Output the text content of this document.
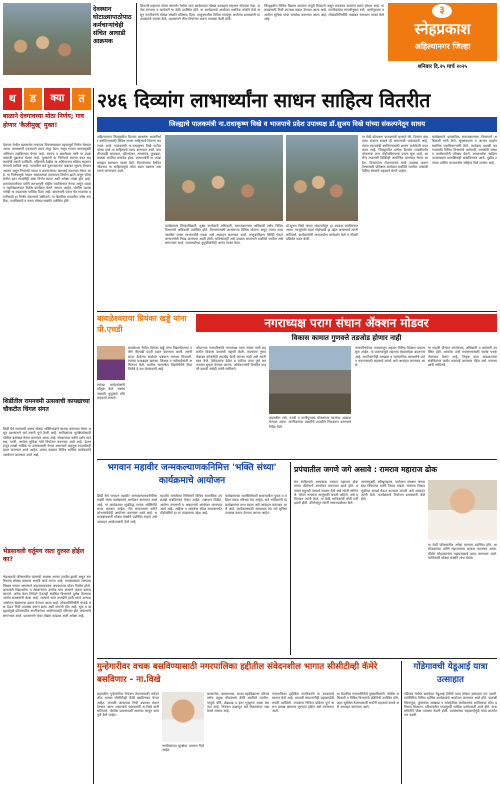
देवस्थान घोटाळ्यापाठोपाठ कर्मचाऱ्यांचेही संचित आघाडी आक्रमक
शिवाजी महाराज यांच्या संगमनेर येथील भव्य कार्यक्रमात मोठ्या उत्साहात सहभाग नोंदवला गेला. अनेक मान्यवर व कार्यकर्ते या वेळी उपस्थित होते. या कार्यक्रमाचे आयोजन स्थानिक संस्थेने केले असून नागरिकांनी मोठ्या संख्येने प्रतिसाद दिला. तालुक्यातील विविध गावांतून आलेल्या ग्रामस्थांनी या उपक्रमाचे स्वागत केले. प्रशासनाने योग्य नियोजन करून व्यवस्था केली होती.
जिल्ह्यातील विविध विकास कामांना मंजुरी मिळाली असून लवकरच कामांना प्रारंभ होणार आहे. या कामांसाठी निधी उपलब्ध करून देण्यात आला आहे. नागरिकांच्या मागणीनुसार रस्ते, पाणीपुरवठा व आरोग्य सुविधा यांचा समावेश करण्यात आला आहे. लोकप्रतिनिधींनी याबाबत समाधान व्यक्त केले आहे.
३
स्नेहप्रकाश
अहिल्यानगर जिल्हा
शनिवार दि.२५ मार्च २०२५
थ	ड	क्या	त
बाळाने देवगावच्या मोठा निर्णय; गाव होणार 'कैलीमुख्' मुक्त!
देवगाव येथील ग्रामसभेत गावाच्या विकासाबाबत महत्त्वपूर्ण निर्णय घेण्यात आला. ग्रामस्थांनी एकमताने ठराव मंजूर केला असून गावात व्यसनमुक्ती अभियान राबविण्यात येणार आहे. सरपंच व ग्रामसेवक यांनी या उपक्रमासाठी पुढाकार घेतला आहे. युवकांनी या निर्णयाचे स्वागत करत सहकार्याची तयारी दर्शविली. महिलांनी देखील या अभियानात सक्रिय सहभाग घेण्याचे ठरविले आहे. गावातील सर्व दुकानदारांना याबाबत सूचना देण्यात आल्या असून नियमांचे पालन न करणाऱ्यांवर कारवाई करण्यात येणार आहे. या निर्णयामुळे गावात सकारात्मक वातावरण निर्माण झाले असून परिसरातील इतर गावांनीही असा निर्णय घ्यावा अशी अपेक्षा व्यक्त होत आहे. ग्रामपंचायतीच्या वतीने जनजागृती मोहीम राबविण्यात येणार असून शाळा व महाविद्यालयांत विशेष कार्यक्रम घेतले जाणार आहेत. पोलीस प्रशासनानेही या उपक्रमास पाठिंबा दिला आहे. ग्रामस्थांनी एकत्र येत गावाच्या प्रगतीसाठी हा निर्णय घेतल्याचे सांगितले. या बैठकीस गावातील ज्येष्ठ नागरिक, पदाधिकारी व तरुण मोठ्या संख्येने उपस्थित होते.
शिर्डीतील रामनवमी उत्सवाची कायद्याच्या चौकटीत चिंगल संगत
शिर्डी येथे रामनवमी उत्सव मोठ्या भक्तिभावाने साजरा करण्यात येणार असून प्रशासनाने सर्व तयारी पूर्ण केली आहे. भाविकांच्या सुरक्षिततेसाठी पोलीस बंदोबस्त तैनात करण्यात आला आहे. संस्थानच्या वतीने दर्शन व्यवस्था, पाणी, आरोग्य सुविधा यांचे नियोजन करण्यात आले आहे. देशभरातून लाखो भाविक या उत्सवासाठी येणार असल्याने वाहतूक व्यवस्थेतही बदल करण्यात आले आहेत. उत्सव काळात विविध धार्मिक कार्यक्रमांचे आयोजन करण्यात आले आहे.
भेडसावली धर्तूमय रस्ता दुरुस्त होईल का?
भेडसावली परिसरातील रस्त्याची अवस्था अत्यंत दयनीय झाली असून नागरिकांना मोठ्या त्रासाला सामोरे जावे लागत आहे. पावसाळ्यात रस्त्यावर चिखल साचत असल्याने वाहनचालकांना अपघाताचा धोका निर्माण होतो. शाळकरी विद्यार्थ्यांना व शेतकऱ्यांना दररोज याच रस्त्याने प्रवास करावा लागतो. अनेक वेळा निवेदने देऊनही संबंधित विभागाने दुर्लक्ष केल्याचा आरोप ग्रामस्थांनी केला आहे. रस्त्याचे काम तातडीने हाती घ्यावे अन्यथा आंदोलन छेडण्याचा इशारा देण्यात आला आहे. लोकप्रतिनिधींनी याकडे लक्ष देऊन निधी उपलब्ध करून द्यावा अशी मागणी होत आहे. धूळ व खड्ड्यांमुळे परिसरातील नागरिकांच्या आरोग्यावरही परिणाम होत असल्याचे सांगण्यात आले. प्रशासनाने यावर तोडगा काढावा अशी अपेक्षा आहे.
२४६ दिव्यांग लाभार्थ्यांना साधन साहित्य वितरीत
जिल्ह्याचे पालकमंत्री ना.राधाकृष्ण विखे व भाजपाचे प्रदेश उपाध्यक्ष डॉ.सुजय विखे यांच्या संकल्पनेतून साधय
अहिल्यानगर जिल्ह्यातील दिव्यांग बांधवांना आत्मनिर्भर बनविण्यासाठी विविध साधन साहित्याचे वितरण करण्यात आले. पालकमंत्री ना.राधाकृष्ण विखे पाटील यांच्या हस्ते या साहित्याचे वाटप करण्यात आले. यात तीनचाकी सायकल, व्हीलचेअर, श्रवणयंत्र, कुबड्या, काठ्या आदींचा समावेश होता. लाभार्थ्यांनी या उपक्रमाबद्दल समाधान व्यक्त केले. दिव्यांगांच्या दैनंदिन जीवनात या साहित्यामुळे मोठा बदल घडणार असल्याचे सांगण्यात आले.
कार्यक्रमास जिल्हाधिकारी, मुख्य कार्यकारी अधिकारी, समाजकल्याण अधिकारी तसेच विविध विभागांचे अधिकारी उपस्थित होते. दिव्यांगांसाठी शासनाच्या विविध योजना असून त्याचा लाभ जास्तीत जास्त लाभार्थ्यांनी घ्यावा असे आवाहन करण्यात आले. तालुकानिहाय शिबिरे घेऊन लाभार्थ्यांची निवड करण्यात आली होती. भविष्यातही असे उपक्रम सातत्याने राबविले जातील असे सांगण्यात आले. लाभार्थ्यांच्या कुटुंबीयांनीही आनंद व्यक्त केला.
डॉ.सुजय विखे यांच्या संकल्पनेतून हा उपक्रम राबविण्यात आला. गरजूंपर्यंत मदत पोहोचावी हा उद्देश असल्याचे त्यांनी सांगितले. कार्यकर्त्यांनी लाभार्थ्यांना मार्गदर्शन केले व नोंदणी प्रक्रियेत मदत केली.
या वेळी बोलताना पालकमंत्री म्हणाले की, दिव्यांग बांधवांचा सन्मान राखणे ही समाजाची जबाबदारी आहे. त्यांना स्वावलंबी बनविण्यासाठी शासन सर्वतोपरी मदत करत आहे. जिल्ह्यातील प्रत्येक दिव्यांग व्यक्तीपर्यंत योजनांचा लाभ पोहोचविण्याचा प्रयत्न सुरू आहे. आरोग्य तपासणी शिबिरेही आयोजित करण्यात येणार आहेत. दिव्यांगांना रोजगाराच्या संधी उपलब्ध करून देण्यासाठी प्रशिक्षण कार्यक्रम राबविले जातील. यासाठी विविध संस्थांचे सहकार्य घेतले जाईल.
कार्यक्रमाचे प्रास्ताविक समाजकल्याण विभागाचे अधिकारी यांनी केले. सूत्रसंचालन व आभार प्रदर्शन स्थानिक पदाधिकाऱ्यांनी केले. कार्यक्रम यशस्वी करण्यासाठी विविध विभागांचे कर्मचारी, स्वयंसेवी संस्था व कार्यकर्त्यांनी परिश्रम घेतले. लाभार्थ्यांना साहित्य वापराबाबत प्रात्यक्षिकही दाखविण्यात आले. पुढील टप्प्यात उर्वरित लाभार्थ्यांना साहित्य दिले जाणार आहे.
बावळेश्वराचा प्रियंका खड्डे यांना पी.एचडी
बावळेश्वर येथील प्रियंका खड्डे यांना विद्यापीठाच्या वतीने पीएचडी पदवी प्रदान करण्यात आली. त्यांनी सादर केलेल्या संशोधन प्रबंधास मान्यता मिळाली. त्यांच्या यशाबद्दल ग्रामस्थ, शिक्षक व नातेवाईकांनी अभिनंदन केले. ग्रामीण भागातील विद्यार्थिनीने मिळविलेले हे यश प्रेरणादायी आहे.
त्यांच्या मार्गदर्शकांनी कौतुक केले. संशोधनासाठी कुटुंबाचे मोठे सहकार्य लाभले.
नगराध्यक्ष पराग संधान ॲक्शन मोडवर
विकास कामात गुणवत्ते तडजोड होणार नाही
कोपरगाव नगरपरिषदेचे नगराध्यक्ष पराग संधान यांनी शहरातील विकास कामांची पाहणी केली. कामाच्या गुणवत्तेबाबत कोणतीही तडजोड केली जाणार नाही असे त्यांनी स्पष्ट केले. ठेकेदारांना वेळेत व दर्जेदार काम पूर्ण करण्याच्या सूचना देण्यात आल्या. अधिकाऱ्यांनी नियमित पाहणी करावी असेही त्यांनी सांगितले.
शहरातील रस्ते, गटारी व पाणीपुरवठा योजनांच्या कामांचा आढावा घेण्यात आला. नागरिकांच्या तक्रारींचे तातडीने निराकरण करण्याचे निर्देश दिले.
नगरपरिषदेच्या माध्यमातून शहरात विविध विकास प्रकल्प सुरू आहेत. या प्रकल्पांमुळे शहराचा चेहरामोहरा बदलणार आहे. नागरिकांनीही स्वच्छता व सार्वजनिक मालमत्तेचे जतन करण्यासाठी सहकार्य करावे असे आवाहन करण्यात आले.
या पाहणी दौऱ्यात नगरसेवक, अधिकारी व कर्मचारी उपस्थित होते. कामांचा दर्जा तपासण्यासाठी स्वतंत्र पथक नेमण्यात येणार आहे. निकृष्ट काम आढळल्यास संबंधितांवर कठोर कारवाई करण्यात येईल असे नगराध्यक्षांनी सांगितले.
भगवान महावीर जन्मकल्याणकनिमित्त 'भक्ति संध्या' कार्यक्रमाचे आयोजन
शिर्डी येथे भगवान महावीर जन्मकल्याणकनिमित्त भक्ती संध्या कार्यक्रमाचे आयोजन करण्यात आले आहे. या कार्यक्रमात सुप्रसिद्ध गायक भक्तिगीते सादर करणार आहेत. जैन समाजाच्या वतीने शोभायात्रेचेही आयोजन करण्यात आले आहे. समाजबांधवांनी मोठ्या संख्येने उपस्थित राहावे असे आवाहन आयोजकांनी केले आहे.
महावीर जयंतीच्या निमित्ताने विविध सामाजिक उपक्रमही राबविण्यात येणार आहेत. रक्तदान शिबिर, आरोग्य तपासणी व अन्नदानाचे आयोजन करण्यात आले आहे. अहिंसा व शांततेचा संदेश समाजापर्यंत पोहोचविणे हा या उपक्रमाचा उद्देश आहे.
कार्यक्रमाच्या यशस्वितेसाठी समाजातील युवक व महिला मंडळ परिश्रम घेत आहेत. सर्व भाविकांनी या कार्यक्रमाचा लाभ घ्यावा असे आवाहन करण्यात आले आहे. कार्यक्रमस्थळी आवश्यक त्या सर्व सुविधा उपलब्ध करून देण्यात आल्या आहेत.
प्रपंचातील जगणे जगे असावे : रामराव महाराज ढोक
संत साहित्याचे अभ्यासक रामराव महाराज ढोक यांच्या कीर्तनाचे आयोजन करण्यात आले होते. प्रपंचात राहूनही परमार्थ साधता येतो असे त्यांनी सांगितले. जीवन जगताना माणुसकी जपली पाहिजे, असे प्रतिपादन त्यांनी केले. या वेळी भाविकांची मोठी गर्दी झाली होती. कीर्तनातून त्यांनी समाजप्रबोधन केले.
व्यसनमुक्ती, स्त्रीभ्रूणहत्या, पर्यावरण संरक्षण यांसारख्या विषयांवर त्यांनी विचार मांडले. संतांच्या शिकवणुकीचा आदर्श घेऊन वाटचाल करावी असे आवाहन त्यांनी केले. कार्यक्रमाचे नियोजन ग्रामस्थांनी केले होते.
या वेळी परिसरातील अनेक मान्यवर उपस्थित होते. आयोजकांच्या वतीने महाराजांचा सत्कार करण्यात आला. कीर्तन सोहळ्यानंतर महाप्रसादाचे वाटप करण्यात आले. भाविकांनी मोठ्या संख्येने लाभ घेतला.
गुन्हेगारीवर वचक बसविण्यासाठी नगरपालिका हद्दीतील संवेदनशील भागात सीसीटीव्ही कॅमेरे बसविणार - ना.विखे
शहरातील गुन्हेगारीवर नियंत्रण ठेवण्यासाठी संवेदनशील भागात सीसीटीव्ही कॅमेरे बसविण्यात येणार आहेत. यासाठी आवश्यक निधी उपलब्ध करून देण्यात आला असल्याचे पालकमंत्री ना.विखे यांनी सांगितले. पोलीस प्रशासनाशी समन्वय साधून काम पूर्ण केले जाईल.
नागरिकांच्या सुरक्षेला प्राधान्य दिले जाईल.
बाजारपेठ, बसस्थानक, शाळा-महाविद्यालय परिसर तसेच प्रमुख चौकांमध्ये कॅमेरे बसविले जातील. यामुळे चोरी, छेडछाड व इतर गुन्ह्यांना आळा बसणार आहे. नियंत्रण कक्षातून सर्व ठिकाणांवर लक्ष ठेवले जाणार आहे.
नगरपालिका हद्दीतील नागरिकांनी या उपक्रमाचे स्वागत केले आहे. व्यापारी संघटनांनीही सहकार्याची तयारी दर्शविली. लवकरच निविदा प्रक्रिया पूर्ण करून प्रत्यक्ष कामाला सुरुवात होईल असे सांगण्यात आले.
या बैठकीस नगरपालिकेचे मुख्याधिकारी, पोलीस अधिकारी व विविध विभागांचे प्रतिनिधी उपस्थित होते. शहर सुरक्षित ठेवण्यासाठी सर्वांनी सहकार्य करावे असे आवाहन करण्यात आले.
गोंडेगावची येडूआई यात्रा उत्साहात
गोंडेगाव येथील ग्रामदैवत येडूआई देवीची यात्रा मोठ्या उत्साहात पार पडली. यात्रेनिमित्त विविध धार्मिक कार्यक्रमांचे आयोजन करण्यात आले होते. पालखी मिरवणूक, कुस्त्यांचा आखाडा व सांस्कृतिक कार्यक्रमांना भाविकांचा मोठा प्रतिसाद मिळाला. परिसरातील गावांतूनही भाविक दर्शनासाठी आले होते. यात्रा समितीने चोख व्यवस्था ठेवली होती. ग्रामस्थांच्या सहकार्यामुळे यात्रा शांततेत पार पडली.
